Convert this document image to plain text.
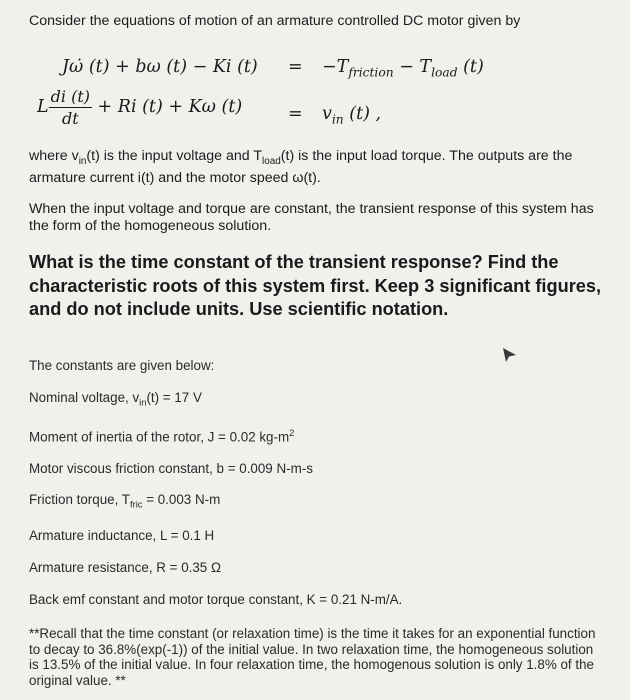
Consider the equations of motion of an armature controlled DC motor given by

Jω̇ (t) + bω (t) − Ki $(t) = -T_{friction} - T_{load}$ (t)
L $\frac{di (t)}{dt} + Ri$ (t) + Kω (t)	= $v_{in}$ (t) ,

where $v_{in}(t)$ is the input voltage and $T_{load}(t)$ is the input load torque. The outputs are the armature current i(t) and the motor speed ω(t).

When the input voltage and torque are constant, the transient response of this system has the form of the homogeneous solution.

What is the time constant of the transient response? Find the characteristic roots of this system first. Keep 3 significant figures, and do not include units. Use scientific notation.

The constants are given below:

Nominal voltage, $v_{in}(t) = 17$ V

Moment of inertia of the rotor, J = 0.02 $kg-m^2$

Motor viscous friction constant, b = 0.009 N-m-s

Friction torque, $T_{fric} = 0.003$ N-m

Armature inductance, L = 0.1 H

Armature resistance, R = 0.35 Ω

Back emf constant and motor torque constant, K = 0.21 N-m/A.

**Recall that the time constant (or relaxation time) is the time it takes for an exponential function to decay to 36.8%(exp(-1)) of the initial value. In two relaxation time, the homogeneous solution is 13.5% of the initial value. In four relaxation time, the homogenous solution is only 1.8% of the original value. **
